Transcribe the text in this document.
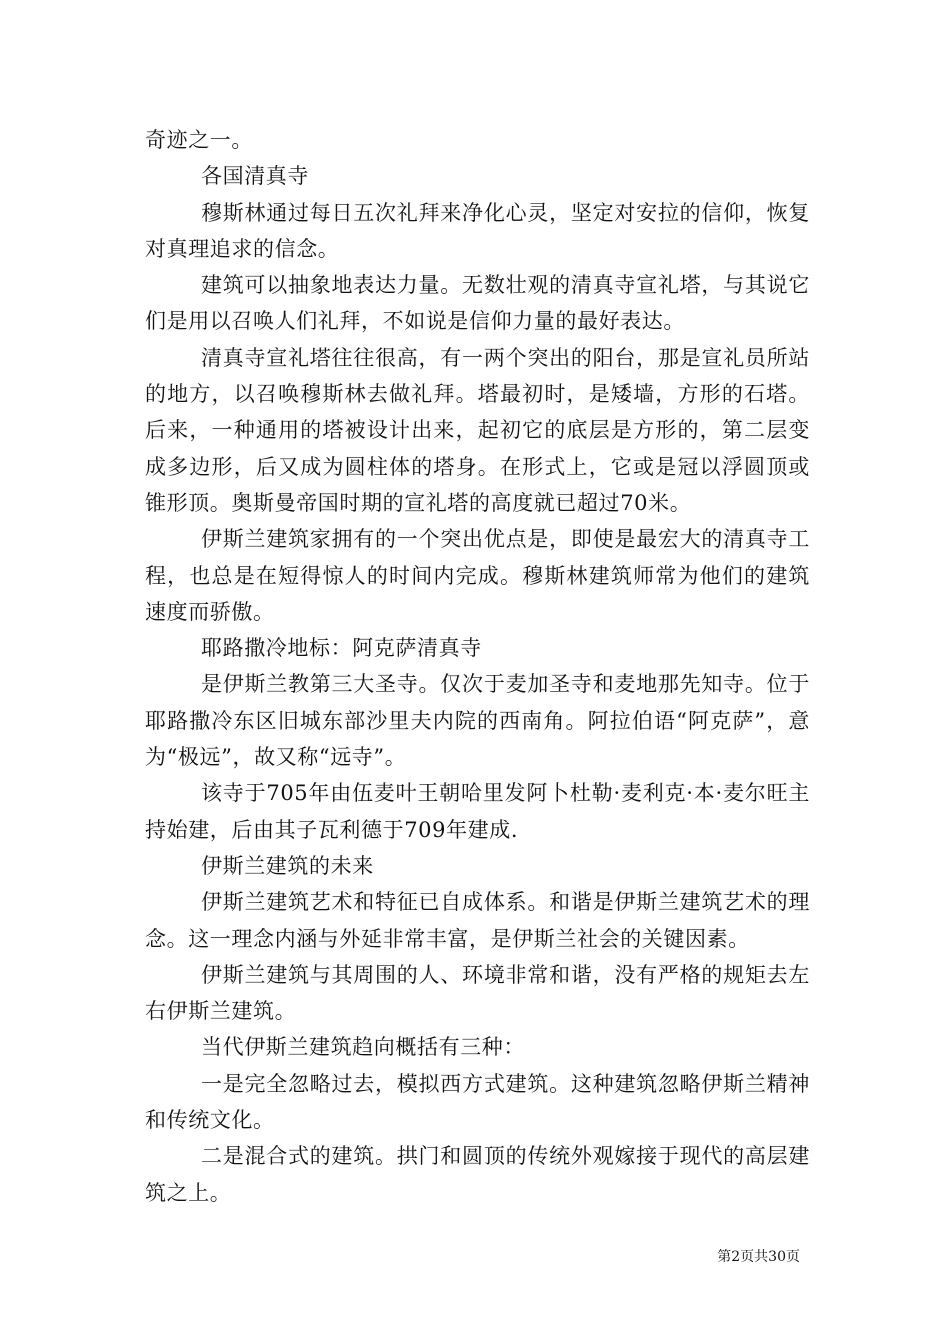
奇迹之一。

各国清真寺

穆斯林通过每日五次礼拜来净化心灵，坚定对安拉的信仰，恢复对真理追求的信念。

建筑可以抽象地表达力量。无数壮观的清真寺宣礼塔，与其说它们是用以召唤人们礼拜，不如说是信仰力量的最好表达。

清真寺宣礼塔往往很高，有一两个突出的阳台，那是宣礼员所站的地方，以召唤穆斯林去做礼拜。塔最初时，是矮墙，方形的石塔。后来，一种通用的塔被设计出来，起初它的底层是方形的，第二层变成多边形，后又成为圆柱体的塔身。在形式上，它或是冠以浮圆顶或锥形顶。奥斯曼帝国时期的宣礼塔的高度就已超过70米。

伊斯兰建筑家拥有的一个突出优点是，即使是最宏大的清真寺工程，也总是在短得惊人的时间内完成。穆斯林建筑师常为他们的建筑速度而骄傲。

耶路撒冷地标：阿克萨清真寺

是伊斯兰教第三大圣寺。仅次于麦加圣寺和麦地那先知寺。位于耶路撒冷东区旧城东部沙里夫内院的西南角。阿拉伯语“阿克萨”，意为“极远”，故又称“远寺”。

该寺于705年由伍麦叶王朝哈里发阿卜杜勒·麦利克·本·麦尔旺主持始建，后由其子瓦利德于709年建成.

伊斯兰建筑的未来

伊斯兰建筑艺术和特征已自成体系。和谐是伊斯兰建筑艺术的理念。这一理念内涵与外延非常丰富，是伊斯兰社会的关键因素。

伊斯兰建筑与其周围的人、环境非常和谐，没有严格的规矩去左右伊斯兰建筑。

当代伊斯兰建筑趋向概括有三种：

一是完全忽略过去，模拟西方式建筑。这种建筑忽略伊斯兰精神和传统文化。

二是混合式的建筑。拱门和圆顶的传统外观嫁接于现代的高层建筑之上。

第2页共30页
